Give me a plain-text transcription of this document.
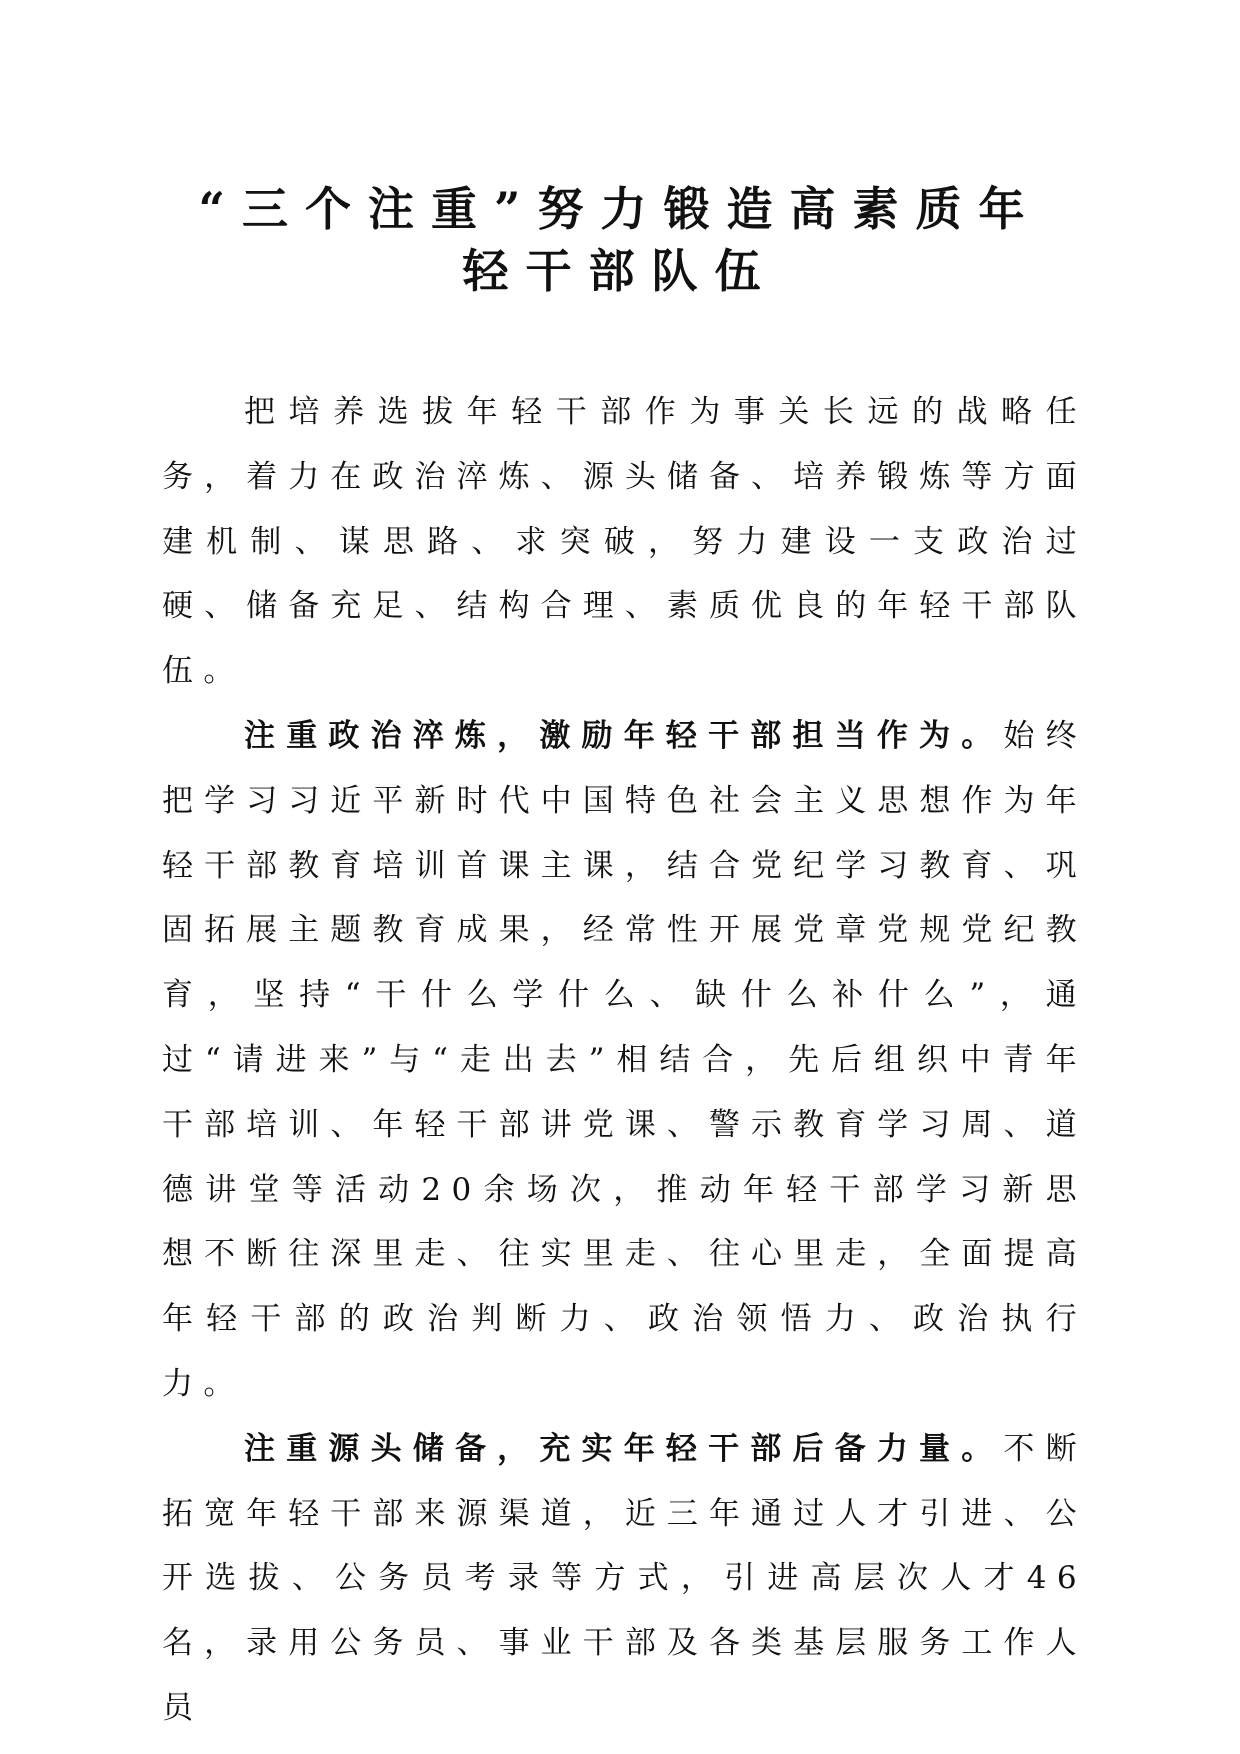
“三个注重”努力锻造高素质年
轻干部队伍

把培养选拔年轻干部作为事关长远的战略任务，着力在政治淬炼、源头储备、培养锻炼等方面建机制、谋思路、求突破，努力建设一支政治过硬、储备充足、结构合理、素质优良的年轻干部队伍。

注重政治淬炼，激励年轻干部担当作为。始终把学习习近平新时代中国特色社会主义思想作为年轻干部教育培训首课主课，结合党纪学习教育、巩固拓展主题教育成果，经常性开展党章党规党纪教育，坚持“干什么学什么、缺什么补什么”，通过“请进来”与“走出去”相结合，先后组织中青年干部培训、年轻干部讲党课、警示教育学习周、道德讲堂等活动20余场次，推动年轻干部学习新思想不断往深里走、往实里走、往心里走，全面提高年轻干部的政治判断力、政治领悟力、政治执行力。

注重源头储备，充实年轻干部后备力量。不断拓宽年轻干部来源渠道，近三年通过人才引进、公开选拔、公务员考录等方式，引进高层次人才46名，录用公务员、事业干部及各类基层服务工作人员
